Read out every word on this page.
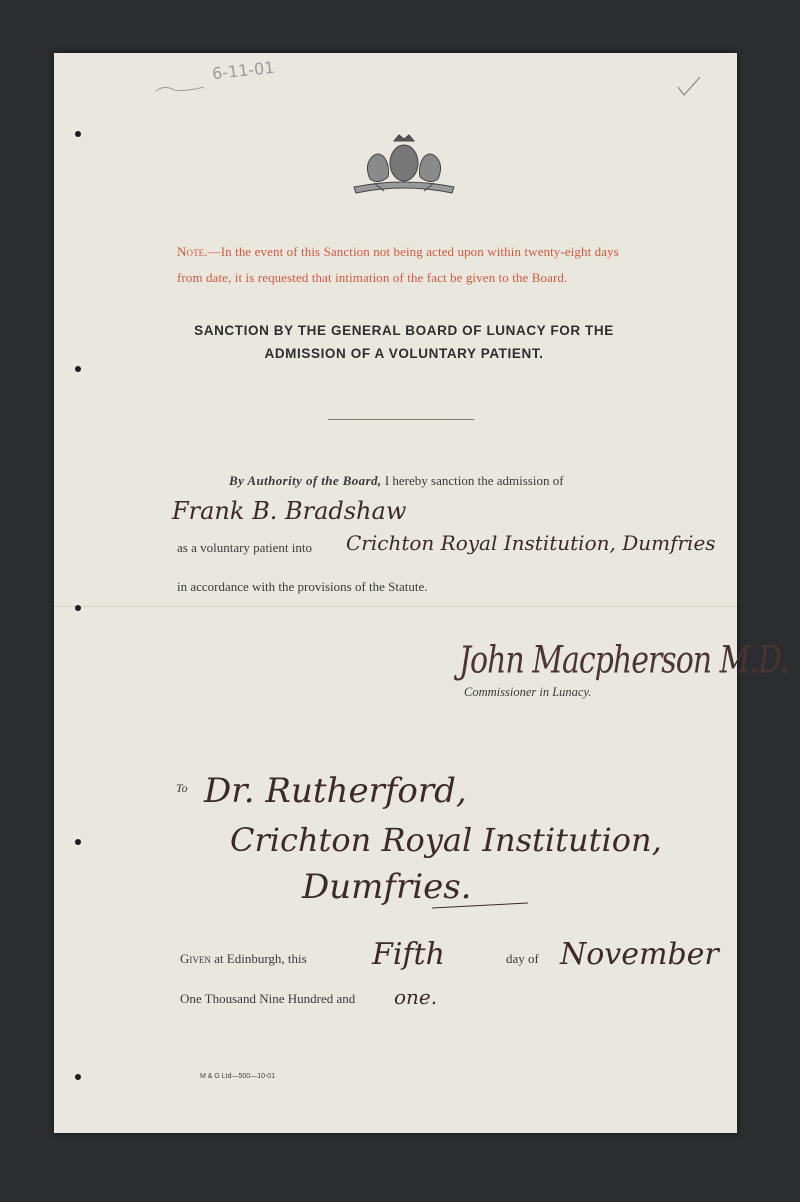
6-11-01
Note.—In the event of this Sanction not being acted upon within twenty-eight days from date, it is requested that intimation of the fact be given to the Board.
SANCTION BY THE GENERAL BOARD OF LUNACY FOR THE
ADMISSION OF A VOLUNTARY PATIENT.
By Authority of the Board, I hereby sanction the admission of
Frank B. Bradshaw
as a voluntary patient into Crichton Royal Institution, Dumfries
in accordance with the provisions of the Statute.
John Macpherson M.D.
Commissioner in Lunacy.
To Dr. Rutherford,
Crichton Royal Institution,
Dumfries.
Given at Edinburgh, this Fifth	day of November
One Thousand Nine Hundred and one.
M & G Ltd—500—10-01
